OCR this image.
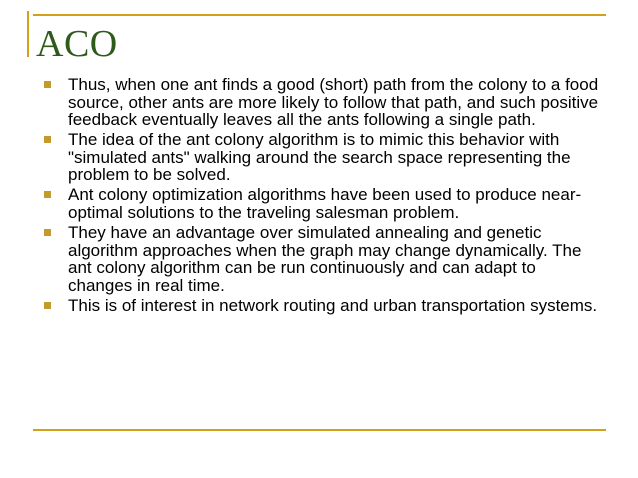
ACO
Thus, when one ant finds a good (short) path from the colony to a food source, other ants are more likely to follow that path, and such positive feedback eventually leaves all the ants following a single path.
The idea of the ant colony algorithm is to mimic this behavior with "simulated ants" walking around the search space representing the problem to be solved.
Ant colony optimization algorithms have been used to produce near-optimal solutions to the traveling salesman problem.
They have an advantage over simulated annealing and genetic algorithm approaches when the graph may change dynamically. The ant colony algorithm can be run continuously and can adapt to changes in real time.
This is of interest in network routing and urban transportation systems.
